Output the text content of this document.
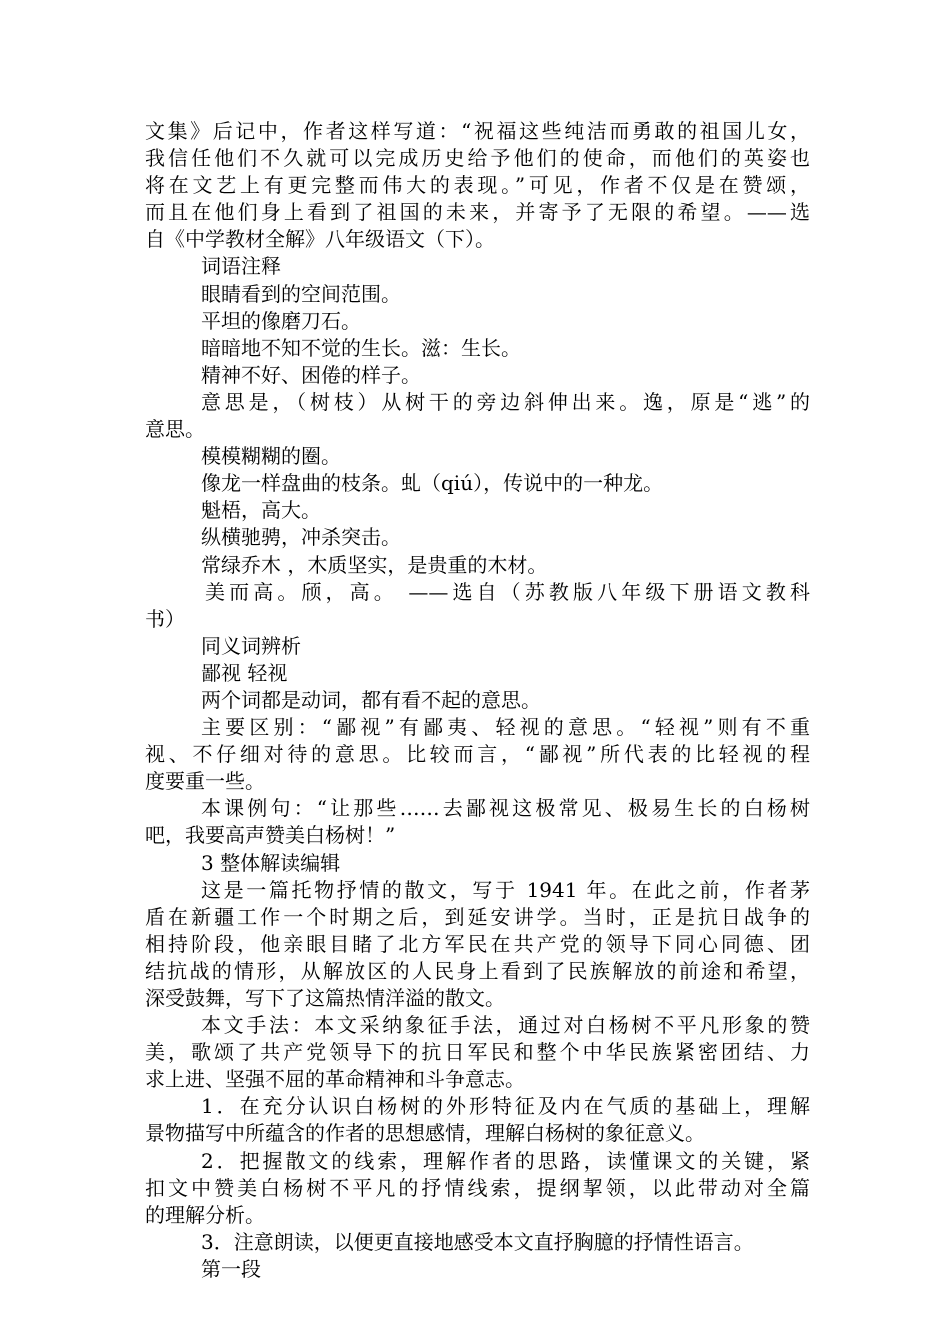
文集》后记中，作者这样写道：“祝福这些纯洁而勇敢的祖国儿女，
我信任他们不久就可以完成历史给予他们的使命，而他们的英姿也
将在文艺上有更完整而伟大的表现。”可见，作者不仅是在赞颂，
而且在他们身上看到了祖国的未来，并寄予了无限的希望。——选
自《中学教材全解》八年级语文（下）。
词语注释
眼睛看到的空间范围。
平坦的像磨刀石。
暗暗地不知不觉的生长。滋：生长。
精神不好、困倦的样子。
意思是，（树枝）从树干的旁边斜伸出来。逸，原是“逃”的
意思。
模模糊糊的圈。
像龙一样盘曲的枝条。虬（qiú），传说中的一种龙。
魁梧，高大。
纵横驰骋，冲杀突击。
常绿乔木 ，木质坚实，是贵重的木材。
美而高。颀，高。 ——选自（苏教版八年级下册语文教科
书）
同义词辨析
鄙视 轻视
两个词都是动词，都有看不起的意思。
主要区别：“鄙视”有鄙夷、轻视的意思。“轻视”则有不重
视、不仔细对待的意思。比较而言，“鄙视”所代表的比轻视的程
度要重一些。
本课例句：“让那些……去鄙视这极常见、极易生长的白杨树
吧，我要高声赞美白杨树！”
3 整体解读编辑
这是一篇托物抒情的散文，写于 1941 年。在此之前，作者茅
盾在新疆工作一个时期之后，到延安讲学。当时，正是抗日战争的
相持阶段，他亲眼目睹了北方军民在共产党的领导下同心同德、团
结抗战的情形，从解放区的人民身上看到了民族解放的前途和希望，
深受鼓舞，写下了这篇热情洋溢的散文。
本文手法：本文采纳象征手法，通过对白杨树不平凡形象的赞
美，歌颂了共产党领导下的抗日军民和整个中华民族紧密团结、力
求上进、坚强不屈的革命精神和斗争意志。
1．在充分认识白杨树的外形特征及内在气质的基础上，理解
景物描写中所蕴含的作者的思想感情，理解白杨树的象征意义。
2．把握散文的线索，理解作者的思路，读懂课文的关键，紧
扣文中赞美白杨树不平凡的抒情线索，提纲挈领，以此带动对全篇
的理解分析。
3．注意朗读，以便更直接地感受本文直抒胸臆的抒情性语言。
第一段
